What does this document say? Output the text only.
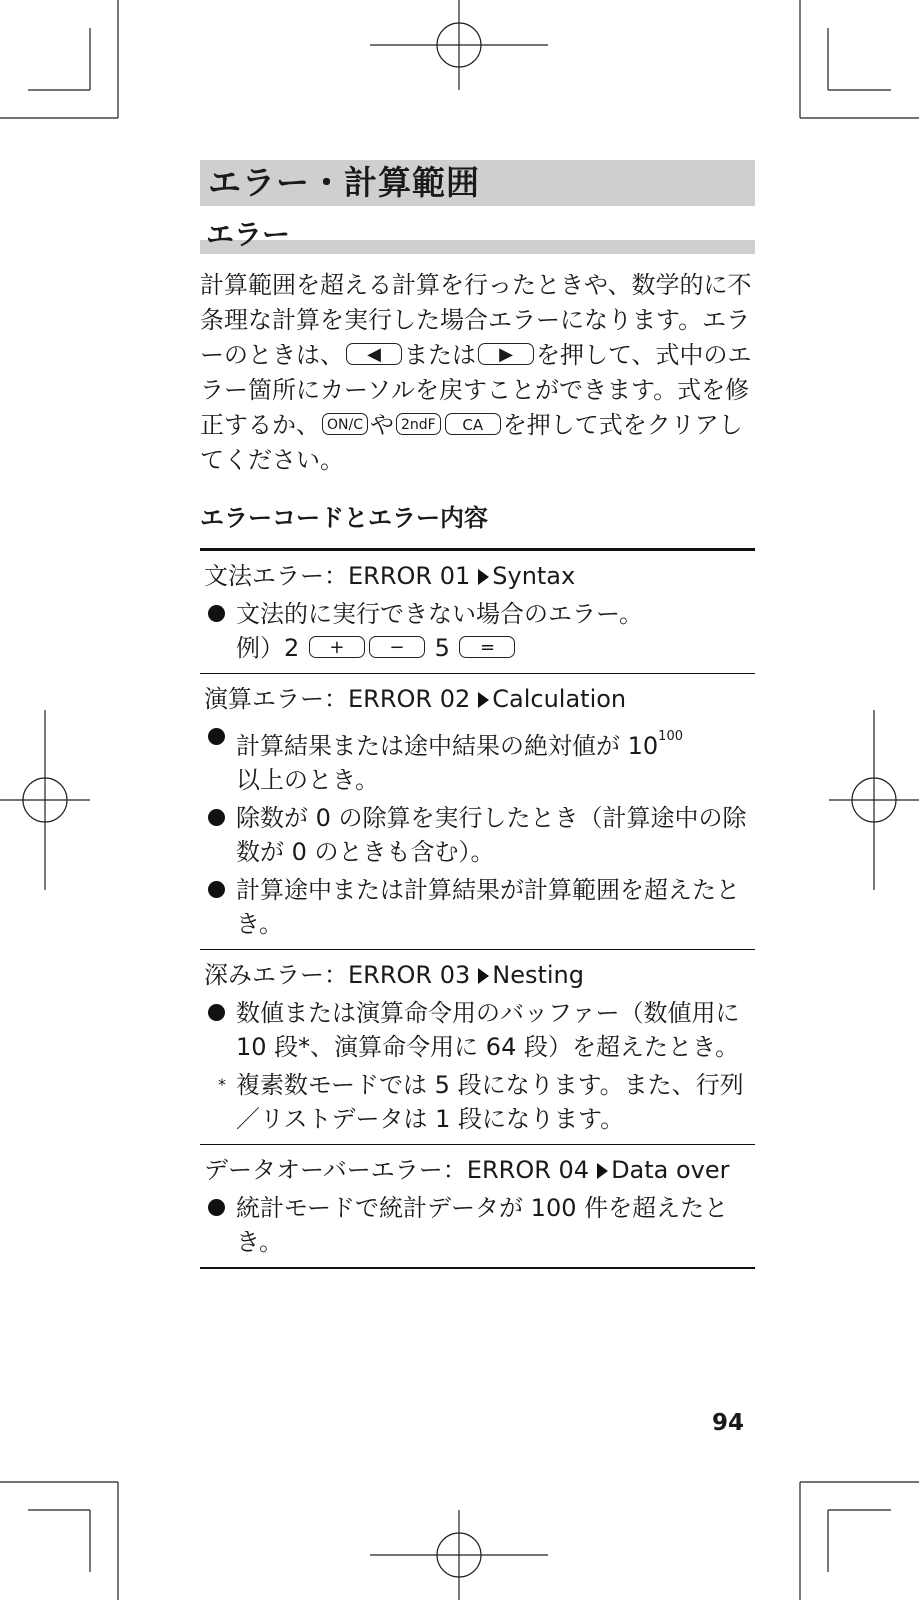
エラー・計算範囲
エラー
計算範囲を超える計算を行ったときや、数学的に不条理な計算を実行した場合エラーになります。エラーのときは、 ◀ または ▶ を押して、式中のエラー箇所にカーソルを戻すことができます。式を修正するか、 ON/C や 2ndF CA を押して式をクリアしてください。
エラーコードとエラー内容
文法エラー：ERROR 01 Syntax
文法的に実行できない場合のエラー。
例）2 + − 5 =
演算エラー：ERROR 02 Calculation
計算結果または途中結果の絶対値が $10^{100}$
以上のとき。
除数が 0 の除算を実行したとき（計算途中の除数が 0 のときも含む）。
計算途中または計算結果が計算範囲を超えたとき。
深みエラー：ERROR 03 Nesting
数値または演算命令用のバッファー（数値用に 10 段*、演算命令用に 64 段）を超えたとき。
* 複素数モードでは 5 段になります。また、行列／リストデータは 1 段になります。
データオーバーエラー：ERROR 04 Data over
統計モードで統計データが 100 件を超えたとき。
94
